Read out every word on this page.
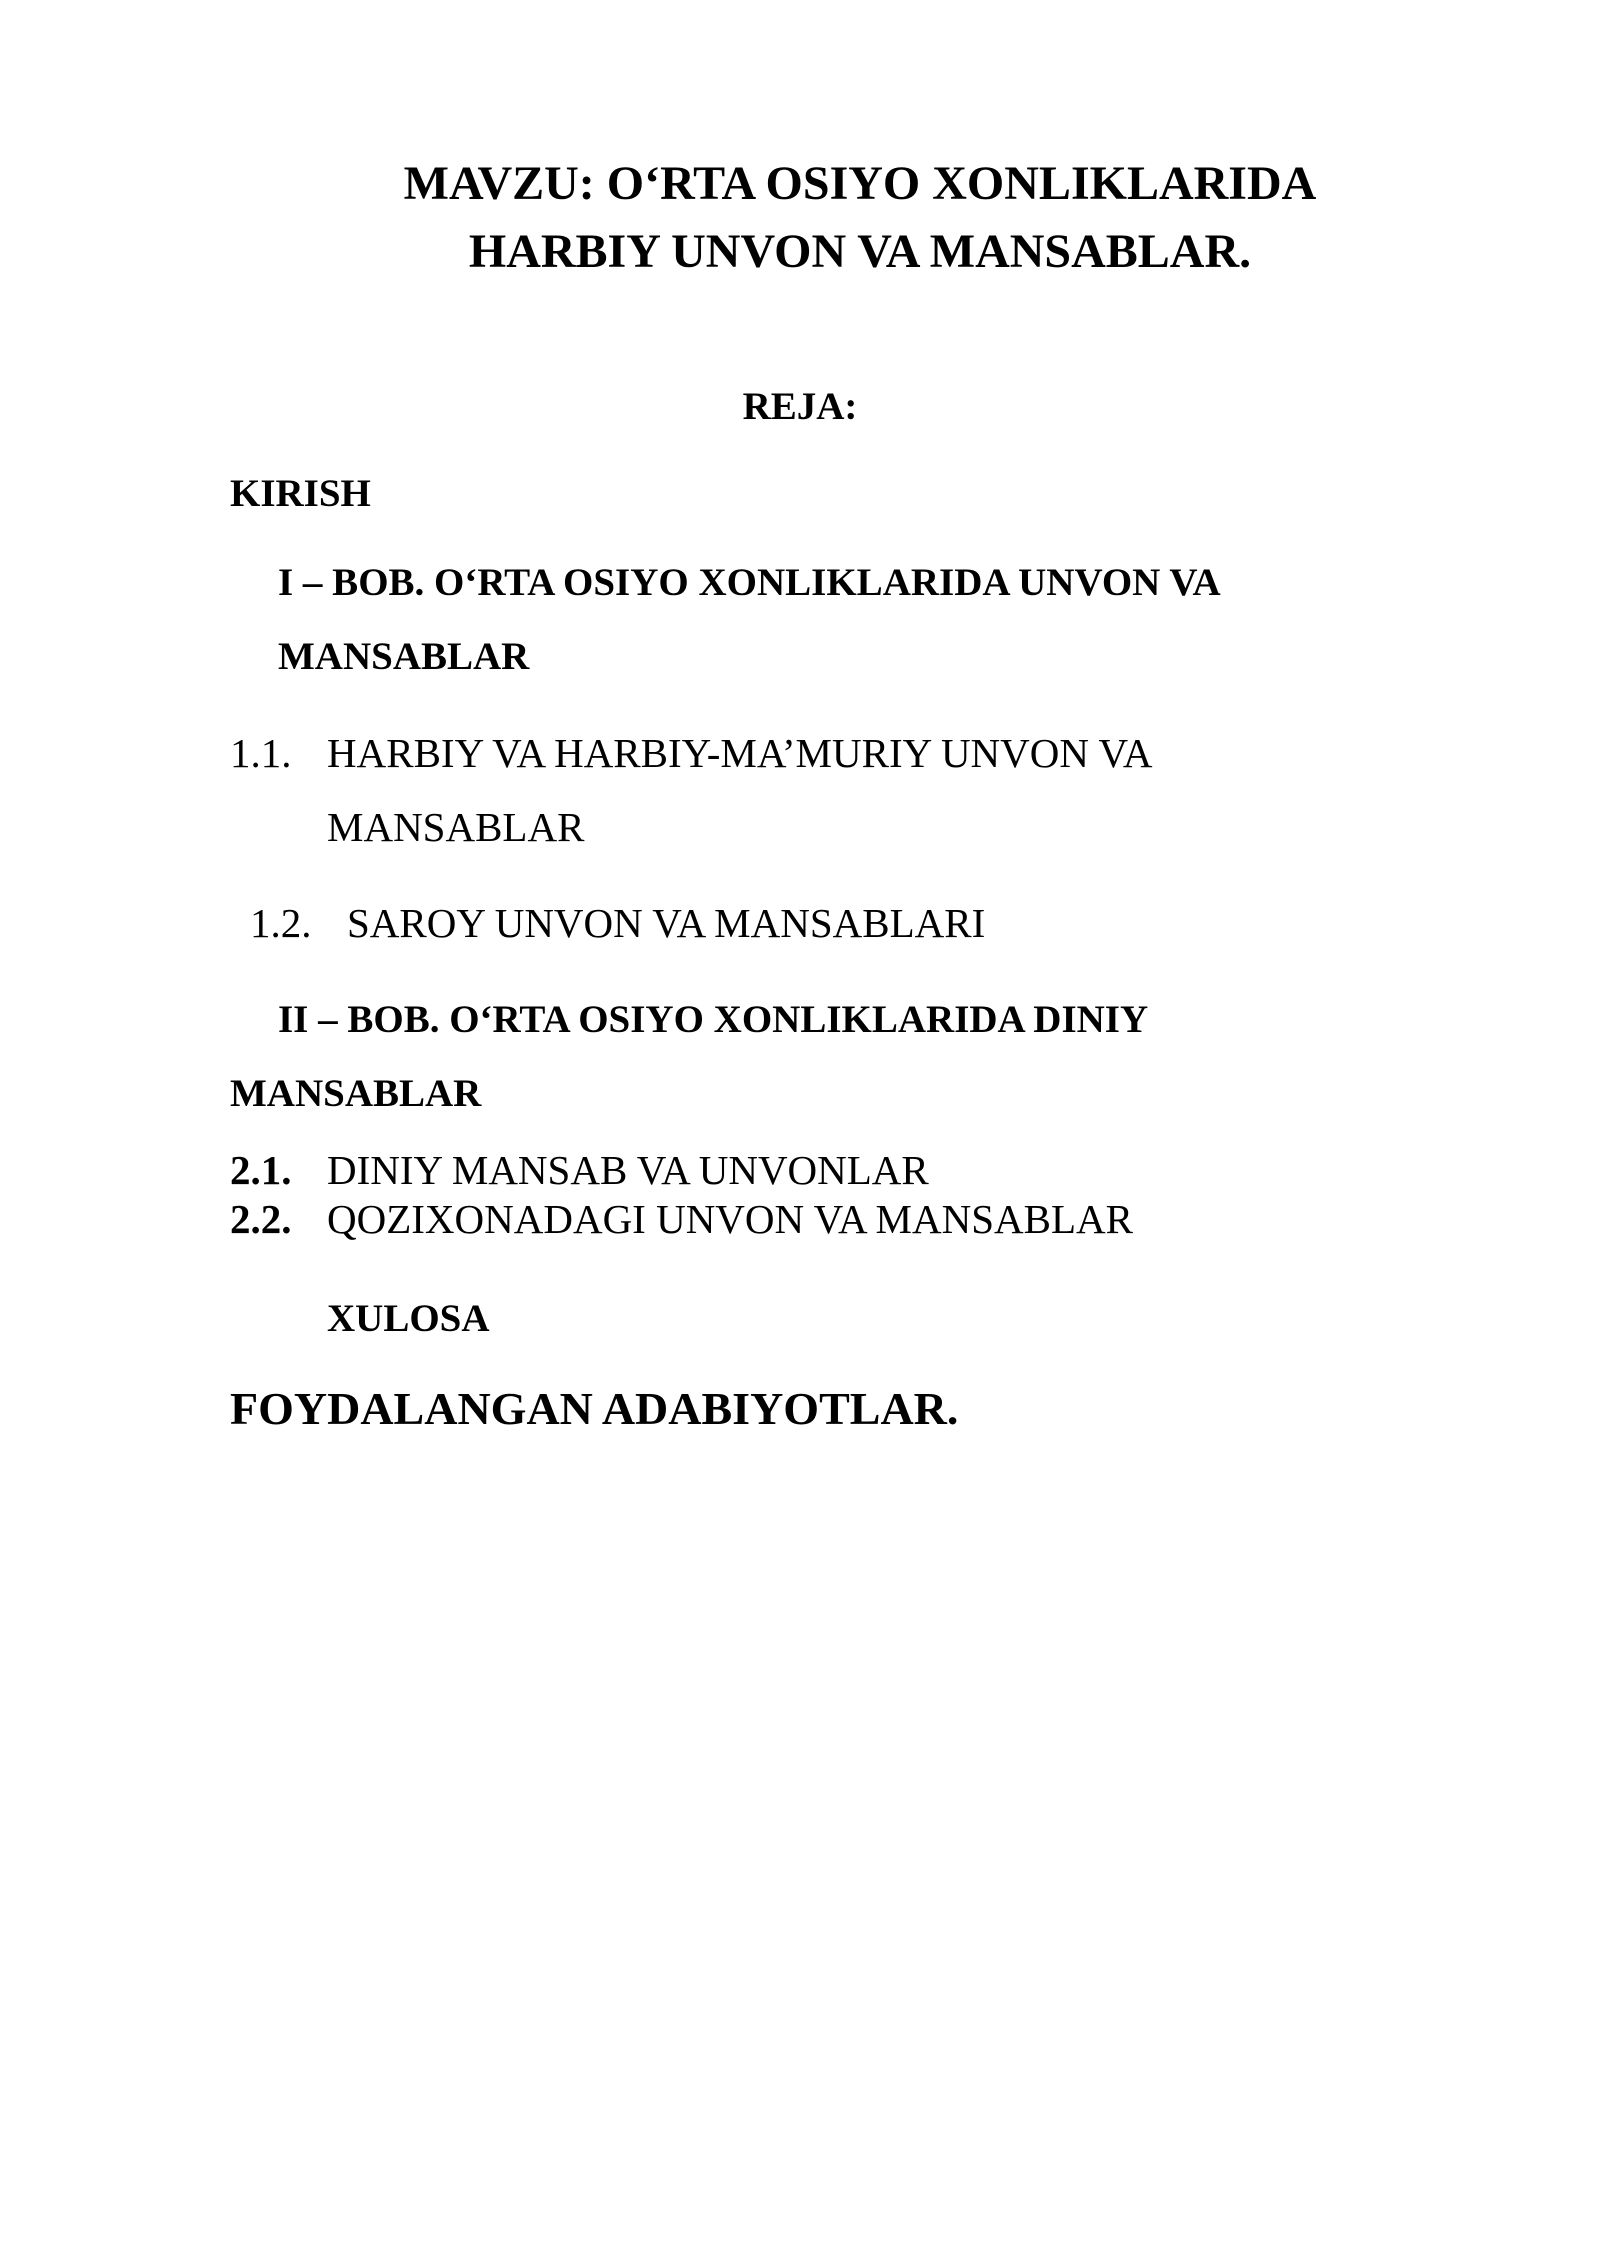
MAVZU: O‘RTA OSIYO XONLIKLARIDA
HARBIY UNVON VA MANSABLAR.
REJA:
KIRISH
I – BOB. O‘RTA OSIYO XONLIKLARIDA UNVON VA
MANSABLAR
1.1. HARBIY VA HARBIY-MA’MURIY UNVON VA
MANSABLAR
1.2. SAROY UNVON VA MANSABLARI
II – BOB. O‘RTA OSIYO XONLIKLARIDA DINIY
MANSABLAR
2.1. DINIY MANSAB VA UNVONLAR
2.2. QOZIXONADAGI UNVON VA MANSABLAR
XULOSA
FOYDALANGAN ADABIYOTLAR.
